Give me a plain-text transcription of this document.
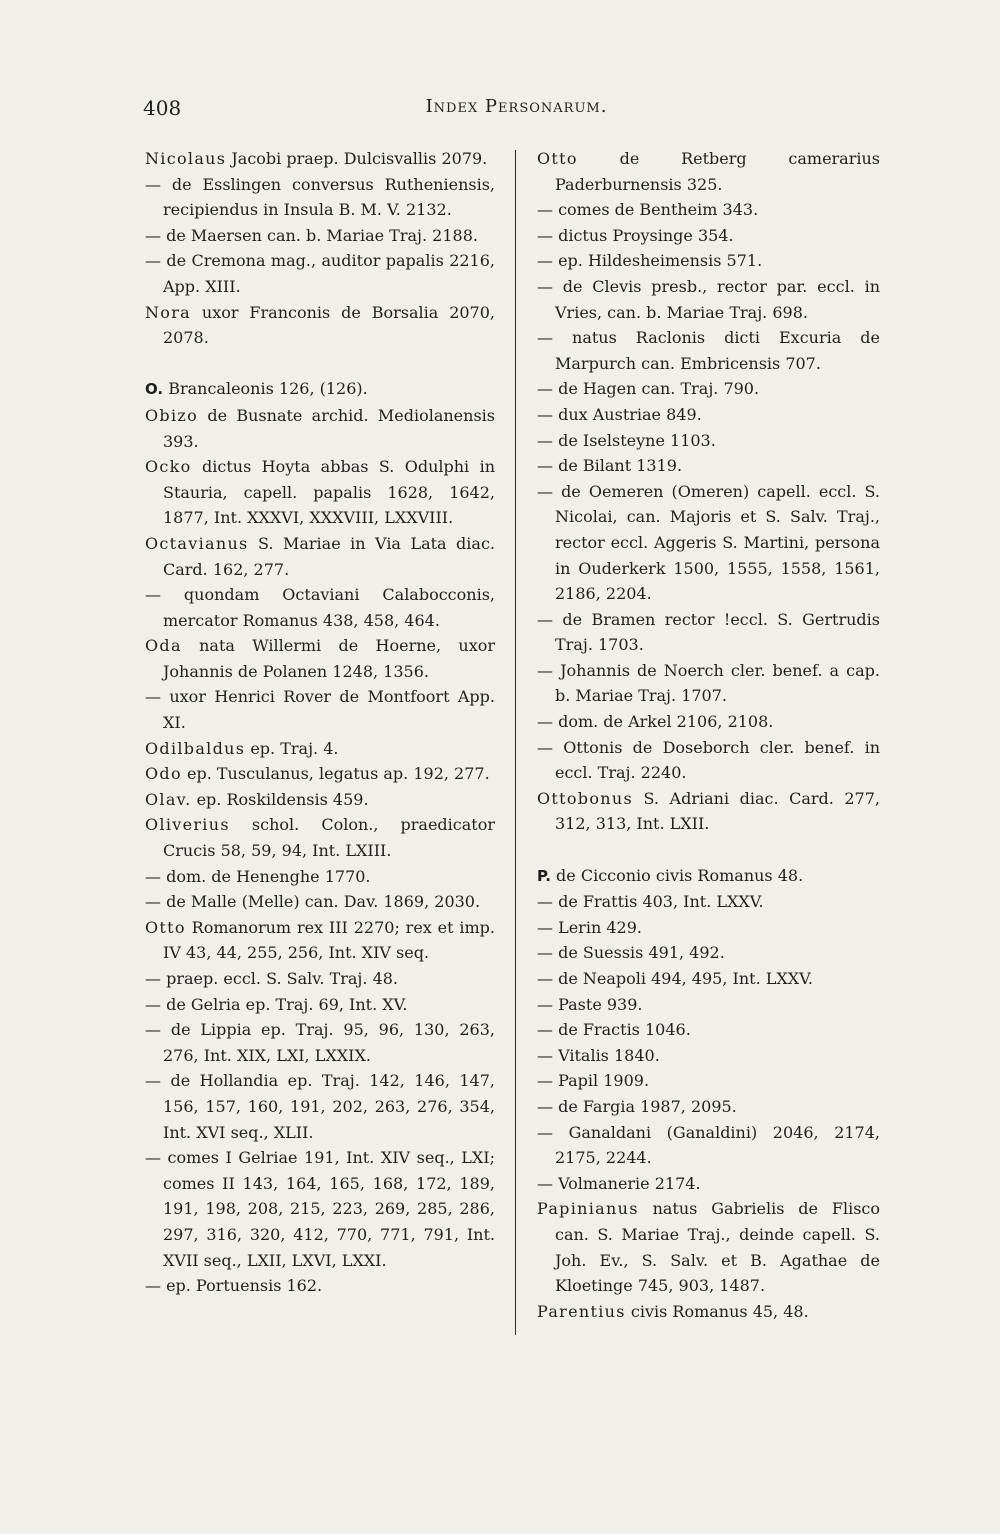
408	Index Personarum.

Nicolaus Jacobi praep. Dulcisvallis 2079.

— de Esslingen conversus Rutheniensis, recipiendus in Insula B. M. V. 2132.

— de Maersen can. b. Mariae Traj. 2188.

— de Cremona mag., auditor papalis 2216, App. XIII.

Nora uxor Franconis de Borsalia 2070, 2078.

O. Brancaleonis 126, (126).

Obizo de Busnate archid. Mediolanensis 393.

Ocko dictus Hoyta abbas S. Odulphi in Stauria, capell. papalis 1628, 1642, 1877, Int. XXXVI, XXXVIII, LXXVIII.

Octavianus S. Mariae in Via Lata diac. Card. 162, 277.

— quondam Octaviani Calabocconis, mercator Romanus 438, 458, 464.

Oda nata Willermi de Hoerne, uxor Johannis de Polanen 1248, 1356.

— uxor Henrici Rover de Montfoort App. XI.

Odilbaldus ep. Traj. 4.

Odo ep. Tusculanus, legatus ap. 192, 277.

Olav. ep. Roskildensis 459.

Oliverius schol. Colon., praedicator Crucis 58, 59, 94, Int. LXIII.

— dom. de Henenghe 1770.

— de Malle (Melle) can. Dav. 1869, 2030.

Otto Romanorum rex III 2270; rex et imp. IV 43, 44, 255, 256, Int. XIV seq.

— praep. eccl. S. Salv. Traj. 48.

— de Gelria ep. Traj. 69, Int. XV.

— de Lippia ep. Traj. 95, 96, 130, 263, 276, Int. XIX, LXI, LXXIX.

— de Hollandia ep. Traj. 142, 146, 147, 156, 157, 160, 191, 202, 263, 276, 354, Int. XVI seq., XLII.

— comes I Gelriae 191, Int. XIV seq., LXI; comes II 143, 164, 165, 168, 172, 189, 191, 198, 208, 215, 223, 269, 285, 286, 297, 316, 320, 412, 770, 771, 791, Int. XVII seq., LXII, LXVI, LXXI.

— ep. Portuensis 162.

Otto de Retberg camerarius Paderburnensis 325.

— comes de Bentheim 343.

— dictus Proysinge 354.

— ep. Hildesheimensis 571.

— de Clevis presb., rector par. eccl. in Vries, can. b. Mariae Traj. 698.

— natus Raclonis dicti Excuria de Marpurch can. Embricensis 707.

— de Hagen can. Traj. 790.

— dux Austriae 849.

— de Iselsteyne 1103.

— de Bilant 1319.

— de Oemeren (Omeren) capell. eccl. S. Nicolai, can. Majoris et S. Salv. Traj., rector eccl. Aggeris S. Martini, persona in Ouderkerk 1500, 1555, 1558, 1561, 2186, 2204.

— de Bramen rector !eccl. S. Gertrudis Traj. 1703.

— Johannis de Noerch cler. benef. a cap. b. Mariae Traj. 1707.

— dom. de Arkel 2106, 2108.

— Ottonis de Doseborch cler. benef. in eccl. Traj. 2240.

Ottobonus S. Adriani diac. Card. 277, 312, 313, Int. LXII.

P. de Cicconio civis Romanus 48.

— de Frattis 403, Int. LXXV.

— Lerin 429.

— de Suessis 491, 492.

— de Neapoli 494, 495, Int. LXXV.

— Paste 939.

— de Fractis 1046.

— Vitalis 1840.

— Papil 1909.

— de Fargia 1987, 2095.

— Ganaldani (Ganaldini) 2046, 2174, 2175, 2244.

— Volmanerie 2174.

Papinianus natus Gabrielis de Flisco can. S. Mariae Traj., deinde capell. S. Joh. Ev., S. Salv. et B. Agathae de Kloetinge 745, 903, 1487.

Parentius civis Romanus 45, 48.
